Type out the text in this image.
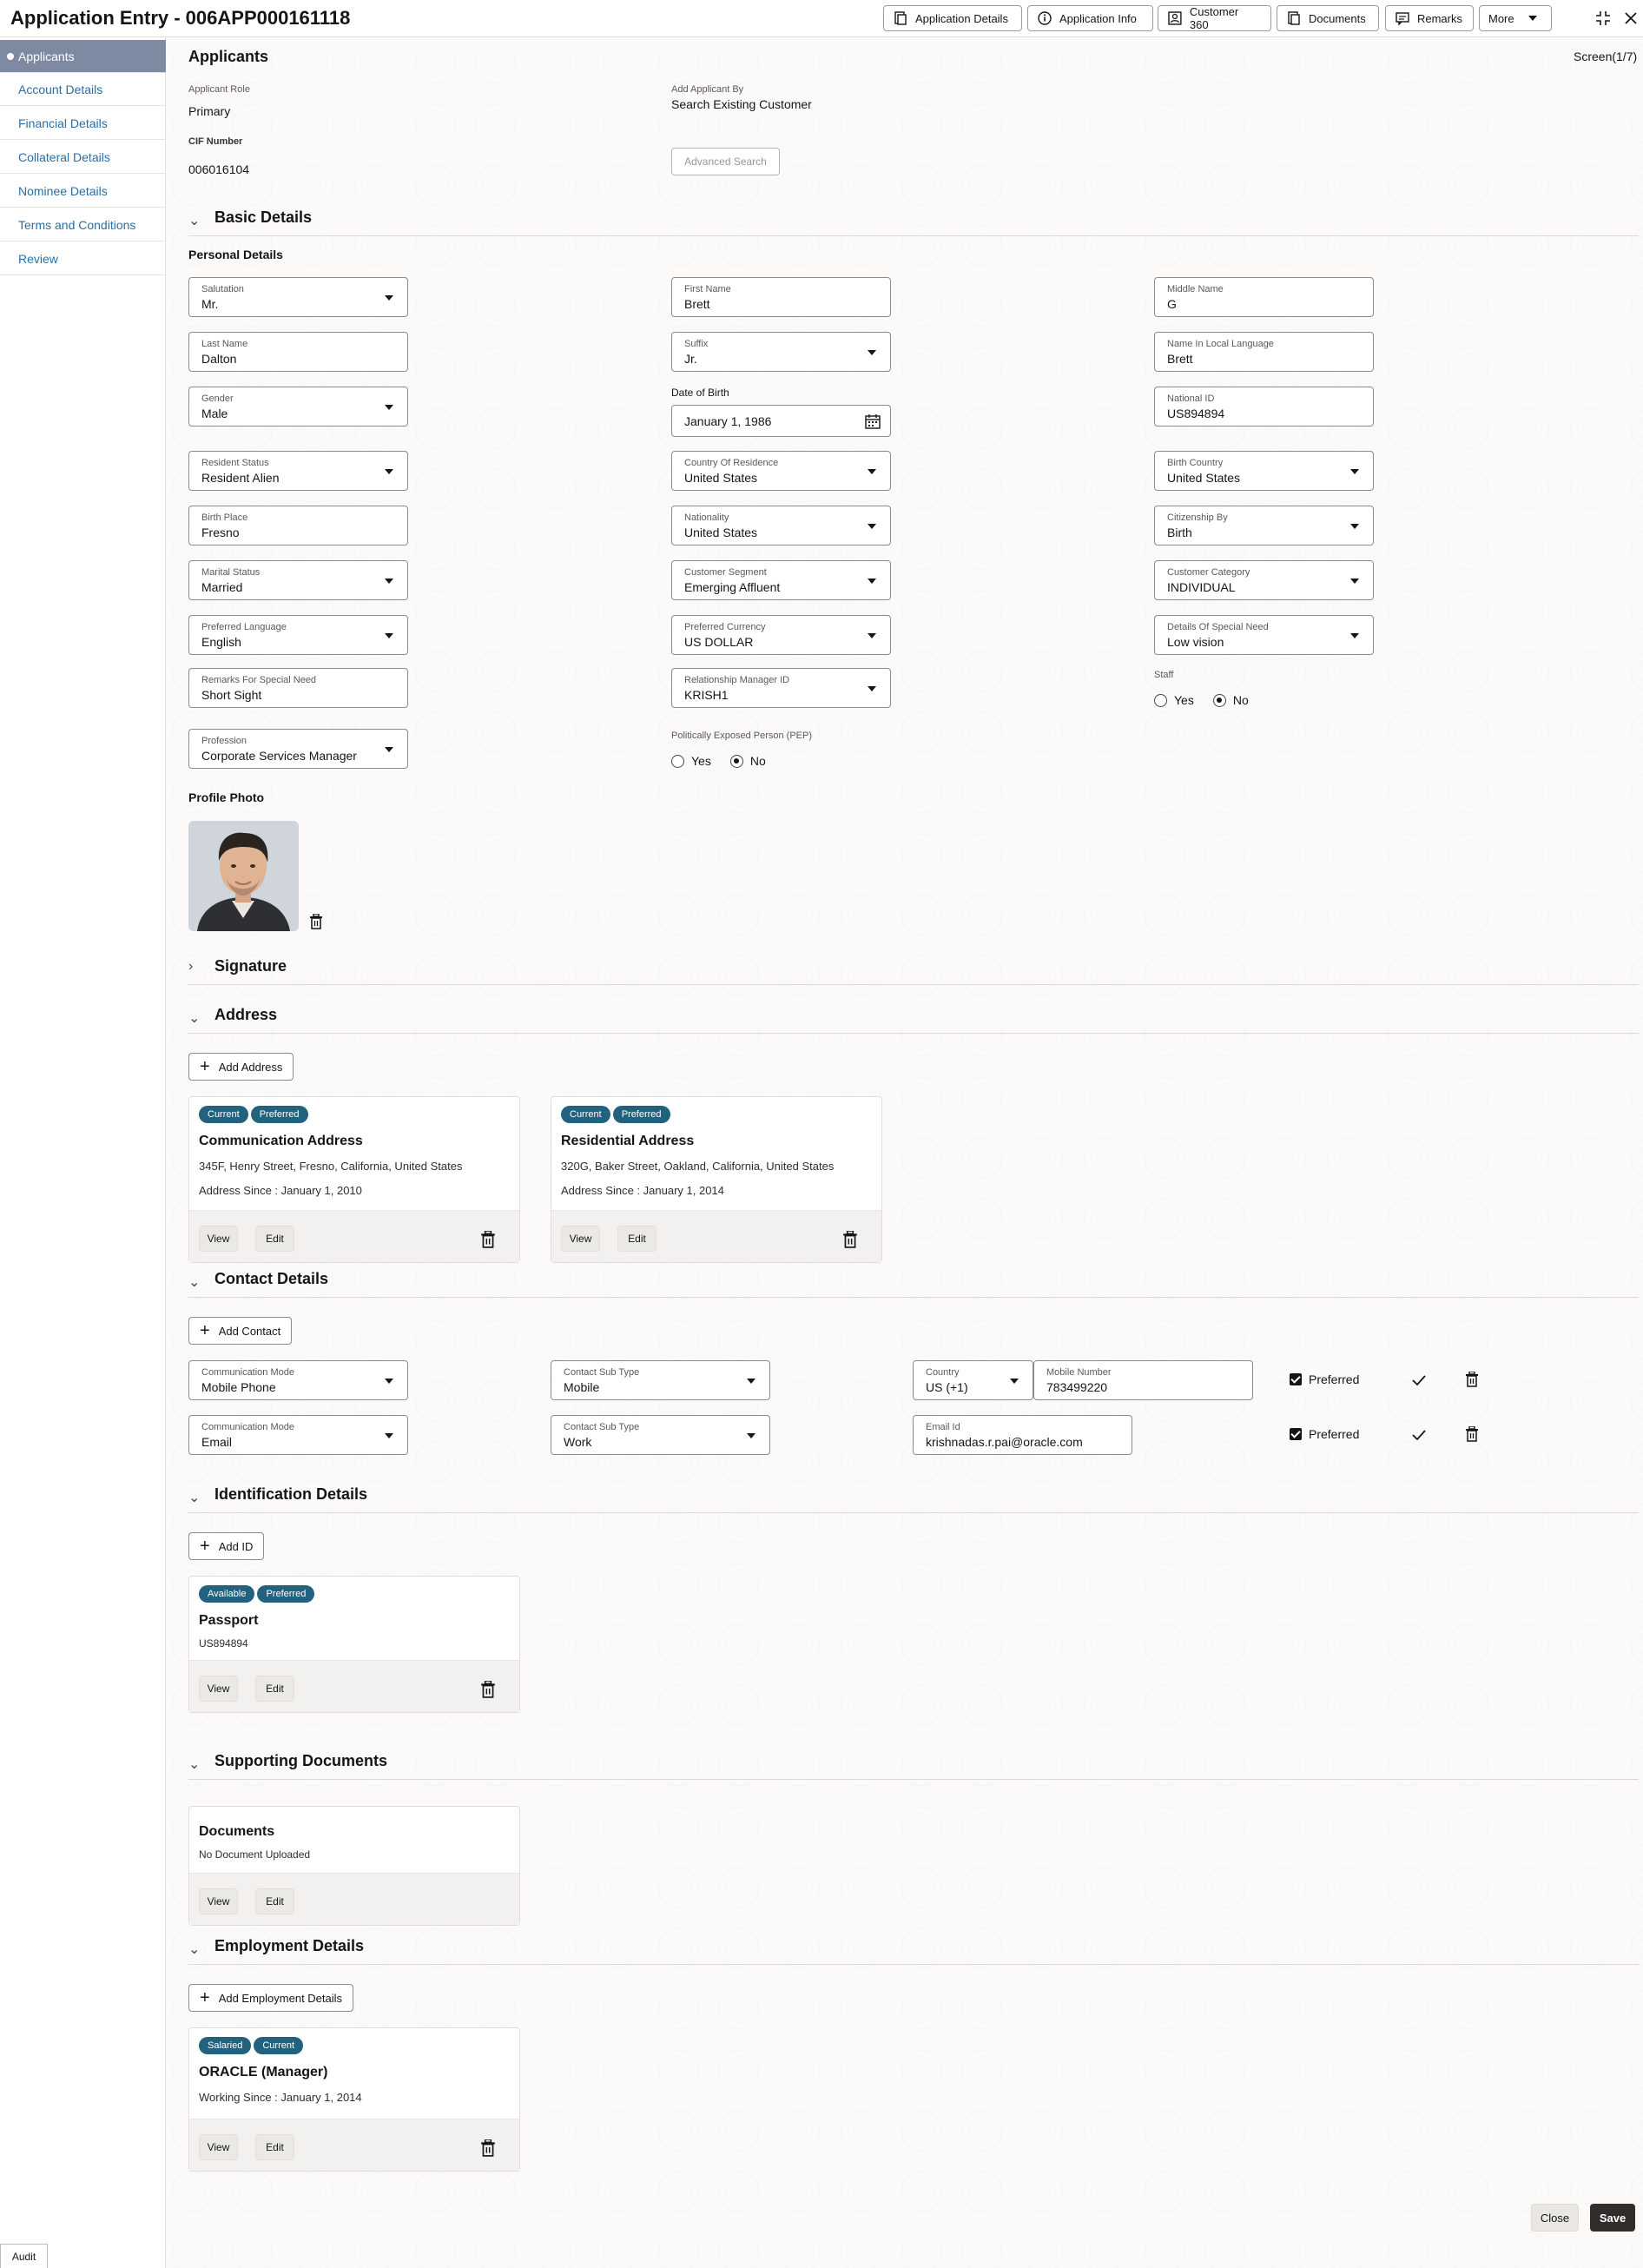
Application Entry - 006APP000161118	Application Details	Application Info	Customer 360	Documents	Remarks More
Applicants
Account Details
Financial Details
Collateral Details
Nominee Details
Terms and Conditions
Review
Audit
Applicants	Screen(1/7)
Applicant Role
Primary
Add Applicant By
Search Existing Customer
CIF Number
006016104
Advanced Search
⌄ Basic Details
Personal Details
Salutation
Mr.
First Name
Brett
Middle Name
G
Last Name
Dalton
Suffix
Jr.
Name In Local Language
Brett
Gender
Male
Date of Birth
January 1, 1986
National ID
US894894
Resident Status
Resident Alien
Country Of Residence
United States
Birth Country
United States
Birth Place
Fresno
Nationality
United States
Citizenship By
Birth
Marital Status
Married
Customer Segment
Emerging Affluent
Customer Category
INDIVIDUAL
Preferred Language
English
Preferred Currency
US DOLLAR
Details Of Special Need
Low vision
Remarks For Special Need
Short Sight
Relationship Manager ID
KRISH1
Staff
Yes	No
Profession
Corporate Services Manager
Politically Exposed Person (PEP)
Yes	No
Profile Photo
› Signature
⌄ Address
+ Add Address
Current	Preferred
Communication Address
345F, Henry Street, Fresno, California, United States
Address Since : January 1, 2010
View	Edit
Current	Preferred
Residential Address
320G, Baker Street, Oakland, California, United States
Address Since : January 1, 2014
View	Edit
⌄ Contact Details
+ Add Contact
Communication Mode
Mobile Phone
Contact Sub Type
Mobile
Country
US (+1)
Mobile Number
783499220
Preferred
Communication Mode
Email
Contact Sub Type
Work
Email Id
krishnadas.r.pai@oracle.com
Preferred
⌄ Identification Details
+ Add ID
Available	Preferred
Passport
US894894
View	Edit
⌄ Supporting Documents
Documents
No Document Uploaded
View	Edit
⌄ Employment Details
+ Add Employment Details
Salaried	Current
ORACLE (Manager)
Working Since : January 1, 2014
View	Edit
Close	Save
